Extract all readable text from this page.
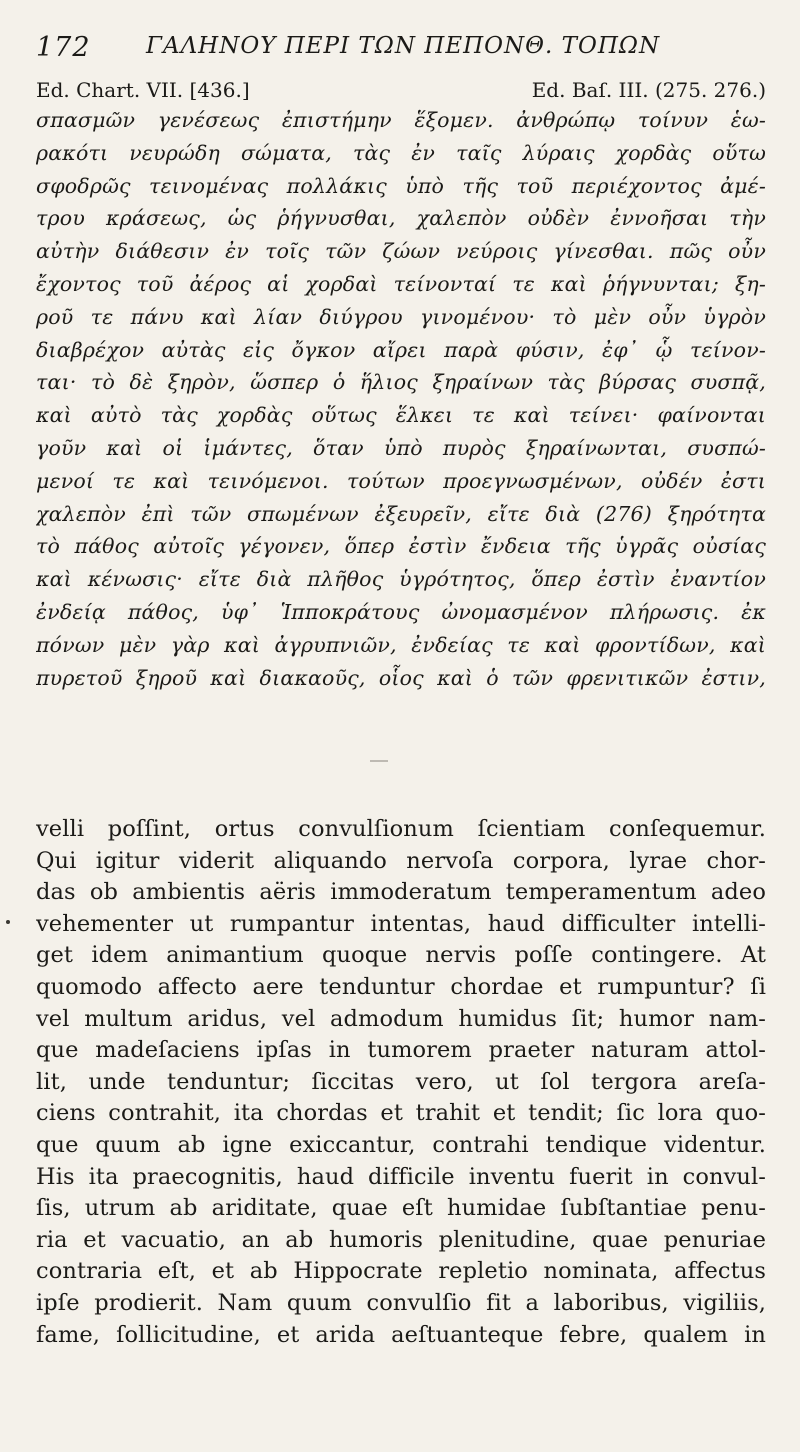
172 ΓΑΛΗΝΟΥ ΠΕΡΙ ΤΩΝ ΠΕΠΟΝΘ. ΤΟΠΩΝ
Ed. Chart. VII. [436.]	Ed. Baſ. III. (275. 276.)
σπασμῶν γενέσεως ἐπιστήμην ἕξομεν. ἀνθρώπῳ τοίνυν ἑω-
ρακότι νευρώδη σώματα, τὰς ἐν ταῖς λύραις χορδὰς οὕτω
σφοδρῶς τεινομένας πολλάκις ὑπὸ τῆς τοῦ περιέχοντος ἀμέ-
τρου κράσεως, ὡς ῥήγνυσθαι, χαλεπὸν οὐδὲν ἐννοῆσαι τὴν
αὐτὴν διάθεσιν ἐν τοῖς τῶν ζώων νεύροις γίνεσθαι. πῶς οὖν
ἔχοντος τοῦ ἀέρος αἱ χορδαὶ τείνονταί τε καὶ ῥήγνυνται; ξη-
ροῦ τε πάνυ καὶ λίαν διύγρου γινομένου· τὸ μὲν οὖν ὑγρὸν
διαβρέχον αὐτὰς εἰς ὄγκον αἴρει παρὰ φύσιν, ἐφ᾽ ᾧ τείνον-
ται· τὸ δὲ ξηρὸν, ὥσπερ ὁ ἥλιος ξηραίνων τὰς βύρσας συσπᾷ,
καὶ αὐτὸ τὰς χορδὰς οὕτως ἕλκει τε καὶ τείνει· φαίνονται
γοῦν καὶ οἱ ἱμάντες, ὅταν ὑπὸ πυρὸς ξηραίνωνται, συσπώ-
μενοί τε καὶ τεινόμενοι. τούτων προεγνωσμένων, οὐδέν ἐστι
χαλεπὸν ἐπὶ τῶν σπωμένων ἐξευρεῖν, εἴτε διὰ (276) ξηρότητα
τὸ πάθος αὐτοῖς γέγονεν, ὅπερ ἐστὶν ἔνδεια τῆς ὑγρᾶς οὐσίας
καὶ κένωσις· εἴτε διὰ πλῆθος ὑγρότητος, ὅπερ ἐστὶν ἐναντίον
ἐνδείᾳ πάθος, ὑφ᾽ Ἱπποκράτους ὠνομασμένον πλήρωσις. ἐκ
πόνων μὲν γὰρ καὶ ἀγρυπνιῶν, ἐνδείας τε καὶ φροντίδων, καὶ
πυρετοῦ ξηροῦ καὶ διακαοῦς, οἷος καὶ ὁ τῶν φρενιτικῶν ἐστιν,
velli poſſint, ortus convulſionum ſcientiam conſequemur.
Qui igitur viderit aliquando nervoſa corpora, lyrae chor-
das ob ambientis aëris immoderatum temperamentum adeo
vehementer ut rumpantur intentas, haud difficulter intelli-
get idem animantium quoque nervis poſſe contingere. At
quomodo affecto aere tenduntur chordae et rumpuntur? ſi
vel multum aridus, vel admodum humidus ſit; humor nam-
que madeſaciens ipſas in tumorem praeter naturam attol-
lit, unde tenduntur; ſiccitas vero, ut ſol tergora areſa-
ciens contrahit, ita chordas et trahit et tendit; ſic lora quo-
que quum ab igne exiccantur, contrahi tendique videntur.
His ita praecognitis, haud difficile inventu fuerit in convul-
ſis, utrum ab ariditate, quae eſt humidae ſubſtantiae penu-
ria et vacuatio, an ab humoris plenitudine, quae penuriae
contraria eſt, et ab Hippocrate repletio nominata, affectus
ipſe prodierit. Nam quum convulſio fit a laboribus, vigiliis,
fame, ſollicitudine, et arida aeſtuanteque febre, qualem in
